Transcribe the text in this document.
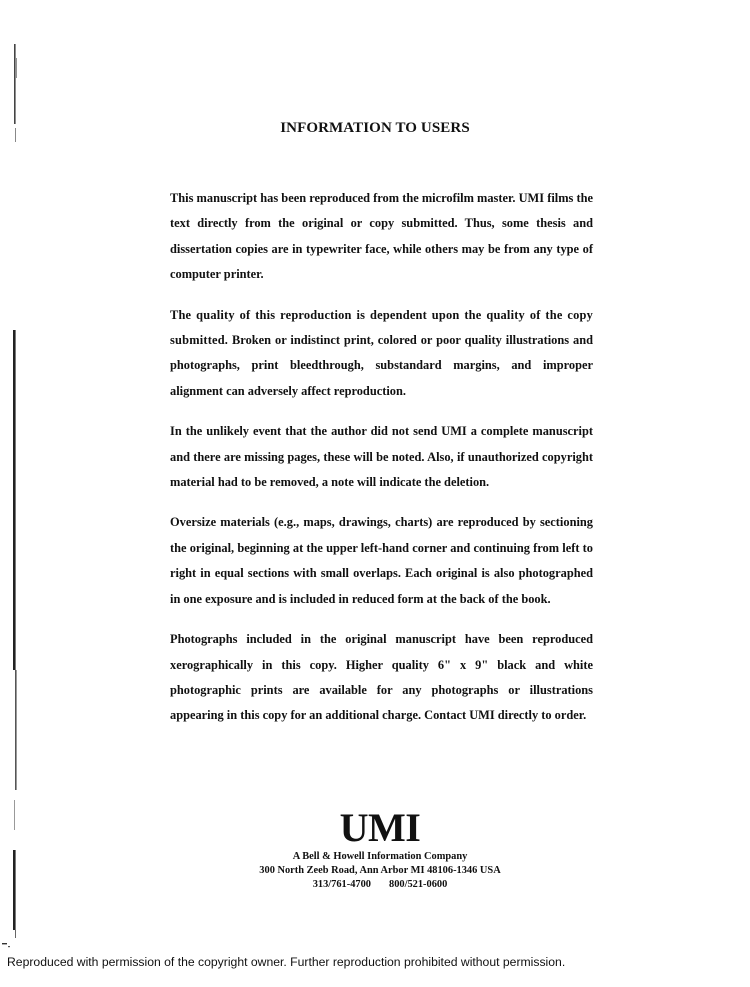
INFORMATION TO USERS

This manuscript has been reproduced from the microfilm master. UMI films the text directly from the original or copy submitted. Thus, some thesis and dissertation copies are in typewriter face, while others may be from any type of computer printer.

The quality of this reproduction is dependent upon the quality of the copy submitted. Broken or indistinct print, colored or poor quality illustrations and photographs, print bleedthrough, substandard margins, and improper alignment can adversely affect reproduction.

In the unlikely event that the author did not send UMI a complete manuscript and there are missing pages, these will be noted. Also, if unauthorized copyright material had to be removed, a note will indicate the deletion.

Oversize materials (e.g., maps, drawings, charts) are reproduced by sectioning the original, beginning at the upper left-hand corner and continuing from left to right in equal sections with small overlaps. Each original is also photographed in one exposure and is included in reduced form at the back of the book.

Photographs included in the original manuscript have been reproduced xerographically in this copy. Higher quality 6" x 9" black and white photographic prints are available for any photographs or illustrations appearing in this copy for an additional charge. Contact UMI directly to order.

UMI

A Bell & Howell Information Company

300 North Zeeb Road, Ann Arbor MI 48106-1346 USA

313/761-4700 800/521-0600

Reproduced with permission of the copyright owner. Further reproduction prohibited without permission.
